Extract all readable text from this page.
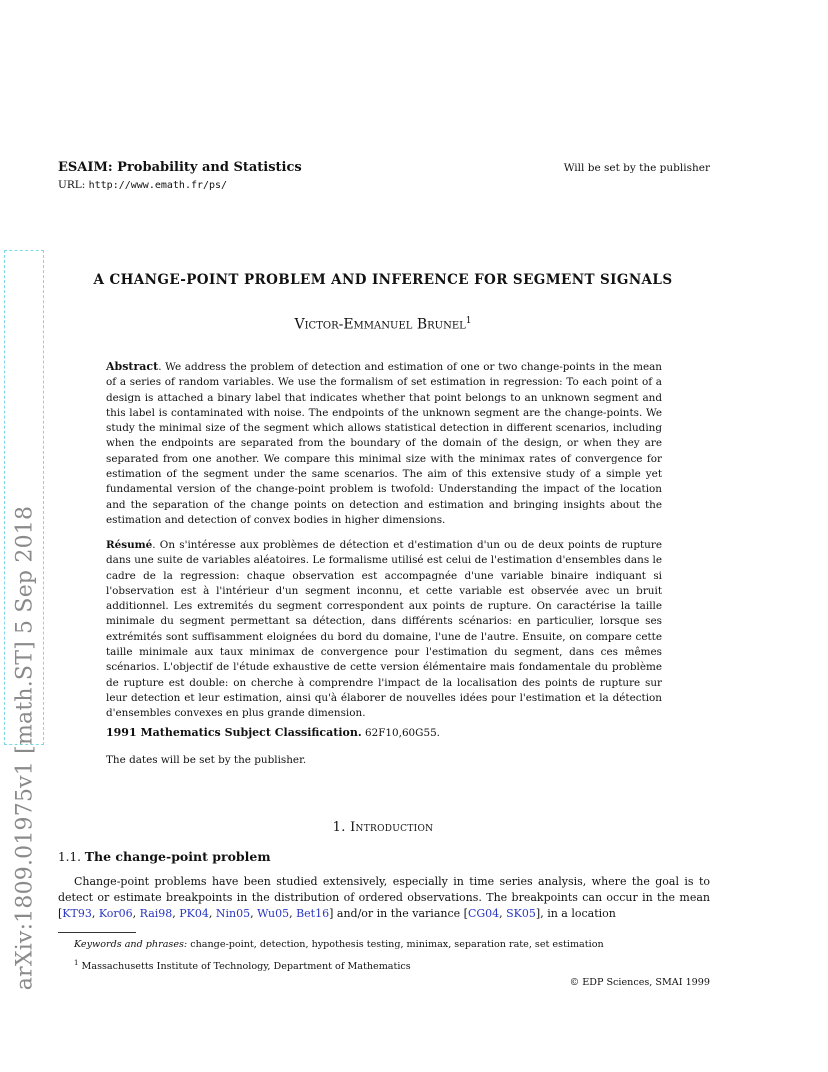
ESAIM: Probability and Statistics
URL: http://www.emath.fr/ps/
Will be set by the publisher
arXiv:1809.01975v1 [math.ST] 5 Sep 2018
A CHANGE-POINT PROBLEM AND INFERENCE FOR SEGMENT SIGNALS
Victor-Emmanuel Brunel$^1$
Abstract. We address the problem of detection and estimation of one or two change-points in the mean of a series of random variables. We use the formalism of set estimation in regression: To each point of a design is attached a binary label that indicates whether that point belongs to an unknown segment and this label is contaminated with noise. The endpoints of the unknown segment are the change-points. We study the minimal size of the segment which allows statistical detection in different scenarios, including when the endpoints are separated from the boundary of the domain of the design, or when they are separated from one another. We compare this minimal size with the minimax rates of convergence for estimation of the segment under the same scenarios. The aim of this extensive study of a simple yet fundamental version of the change-point problem is twofold: Understanding the impact of the location and the separation of the change points on detection and estimation and bringing insights about the estimation and detection of convex bodies in higher dimensions.
Résumé. On s'intéresse aux problèmes de détection et d'estimation d'un ou de deux points de rupture dans une suite de variables aléatoires. Le formalisme utilisé est celui de l'estimation d'ensembles dans le cadre de la regression: chaque observation est accompagnée d'une variable binaire indiquant si l'observation est à l'intérieur d'un segment inconnu, et cette variable est observée avec un bruit additionnel. Les extremités du segment correspondent aux points de rupture. On caractérise la taille minimale du segment permettant sa détection, dans différents scénarios: en particulier, lorsque ses extrémités sont suffisamment eloignées du bord du domaine, l'une de l'autre. Ensuite, on compare cette taille minimale aux taux minimax de convergence pour l'estimation du segment, dans ces mêmes scénarios. L'objectif de l'étude exhaustive de cette version élémentaire mais fondamentale du problème de rupture est double: on cherche à comprendre l'impact de la localisation des points de rupture sur leur detection et leur estimation, ainsi qu'à élaborer de nouvelles idées pour l'estimation et la détection d'ensembles convexes en plus grande dimension.
1991 Mathematics Subject Classification. 62F10,60G55.
The dates will be set by the publisher.
1. Introduction
1.1. The change-point problem
Change-point problems have been studied extensively, especially in time series analysis, where the goal is to detect or estimate breakpoints in the distribution of ordered observations. The breakpoints can occur in the mean [KT93, Kor06, Rai98, PK04, Nin05, Wu05, Bet16] and/or in the variance [CG04, SK05], in a location
Keywords and phrases: change-point, detection, hypothesis testing, minimax, separation rate, set estimation
$^1$ Massachusetts Institute of Technology, Department of Mathematics
© EDP Sciences, SMAI 1999
